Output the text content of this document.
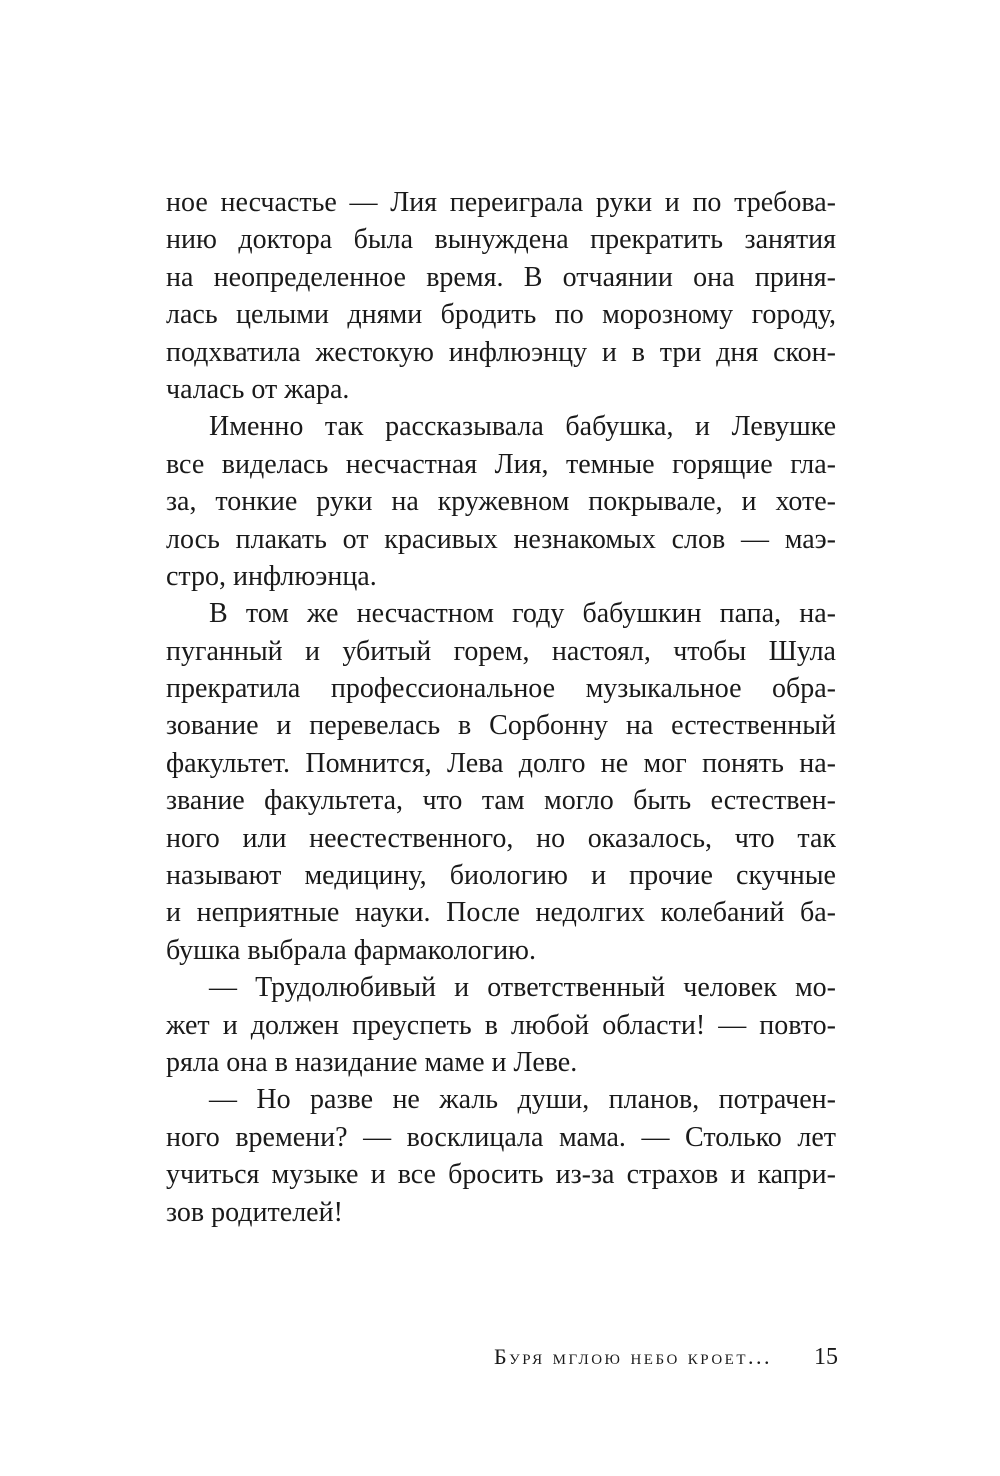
ное несчастье — Лия переиграла руки и по требова-
нию доктора была вынуждена прекратить занятия
на неопределенное время. В отчаянии она приня-
лась целыми днями бродить по морозному городу,
подхватила жестокую инфлюэнцу и в три дня скон-
чалась от жара.
Именно так рассказывала бабушка, и Левушке
все виделась несчастная Лия, темные горящие гла-
за, тонкие руки на кружевном покрывале, и хоте-
лось плакать от красивых незнакомых слов — маэ-
стро, инфлюэнца.
В том же несчастном году бабушкин папа, на-
пуганный и убитый горем, настоял, чтобы Шула
прекратила профессиональное музыкальное обра-
зование и перевелась в Сорбонну на естественный
факультет. Помнится, Лева долго не мог понять на-
звание факультета, что там могло быть естествен-
ного или неестественного, но оказалось, что так
называют медицину, биологию и прочие скучные
и неприятные науки. После недолгих колебаний ба-
бушка выбрала фармакологию.
— Трудолюбивый и ответственный человек мо-
жет и должен преуспеть в любой области! — повто-
ряла она в назидание маме и Леве.
— Но разве не жаль души, планов, потрачен-
ного времени? — восклицала мама. — Столько лет
учиться музыке и все бросить из-за страхов и капри-
зов родителей!
Буря мглою небо кроет... 15
